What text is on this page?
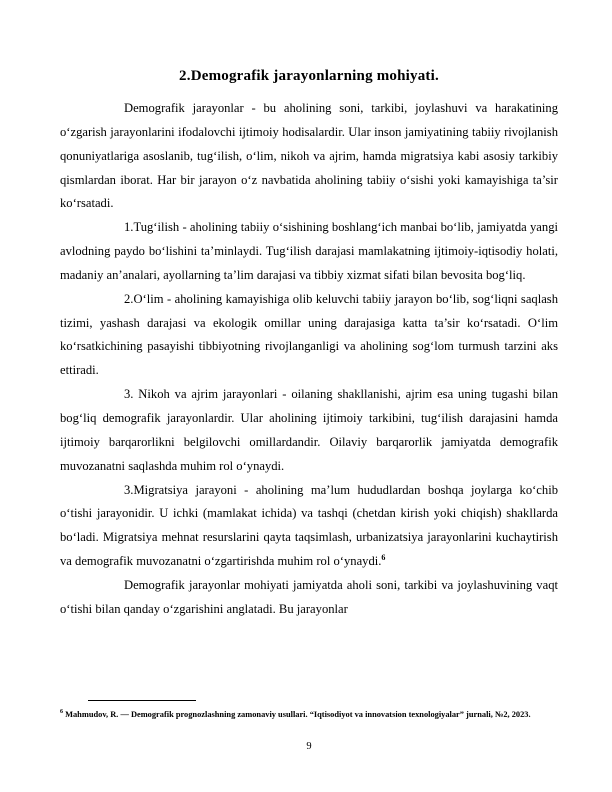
2.Demografik jarayonlarning mohiyati.

Demografik jarayonlar - bu aholining soni, tarkibi, joylashuvi va harakatining o‘zgarish jarayonlarini ifodalovchi ijtimoiy hodisalardir. Ular inson jamiyatining tabiiy rivojlanish qonuniyatlariga asoslanib, tug‘ilish, o‘lim, nikoh va ajrim, hamda migratsiya kabi asosiy tarkibiy qismlardan iborat. Har bir jarayon o‘z navbatida aholining tabiiy o‘sishi yoki kamayishiga ta’sir ko‘rsatadi.

1.Tug‘ilish - aholining tabiiy o‘sishining boshlang‘ich manbai bo‘lib, jamiyatda yangi avlodning paydo bo‘lishini ta’minlaydi. Tug‘ilish darajasi mamlakatning ijtimoiy-iqtisodiy holati, madaniy an’analari, ayollarning ta’lim darajasi va tibbiy xizmat sifati bilan bevosita bog‘liq.

2.O‘lim - aholining kamayishiga olib keluvchi tabiiy jarayon bo‘lib, sog‘liqni saqlash tizimi, yashash darajasi va ekologik omillar uning darajasiga katta ta’sir ko‘rsatadi. O‘lim ko‘rsatkichining pasayishi tibbiyotning rivojlanganligi va aholining sog‘lom turmush tarzini aks ettiradi.

3. Nikoh va ajrim jarayonlari - oilaning shakllanishi, ajrim esa uning tugashi bilan bog‘liq demografik jarayonlardir. Ular aholining ijtimoiy tarkibini, tug‘ilish darajasini hamda ijtimoiy barqarorlikni belgilovchi omillardandir. Oilaviy barqarorlik jamiyatda demografik muvozanatni saqlashda muhim rol o‘ynaydi.

3.Migratsiya jarayoni - aholining ma’lum hududlardan boshqa joylarga ko‘chib o‘tishi jarayonidir. U ichki (mamlakat ichida) va tashqi (chetdan kirish yoki chiqish) shakllarda bo‘ladi. Migratsiya mehnat resurslarini qayta taqsimlash, urbanizatsiya jarayonlarini kuchaytirish va demografik muvozanatni o‘zgartirishda muhim rol o‘ynaydi.$^6$

Demografik jarayonlar mohiyati jamiyatda aholi soni, tarkibi va joylashuvining vaqt o‘tishi bilan qanday o‘zgarishini anglatadi. Bu jarayonlar

$^6$ Mahmudov, R. — Demografik prognozlashning zamonaviy usullari. “Iqtisodiyot va innovatsion texnologiyalar” jurnali, №2, 2023.
9
